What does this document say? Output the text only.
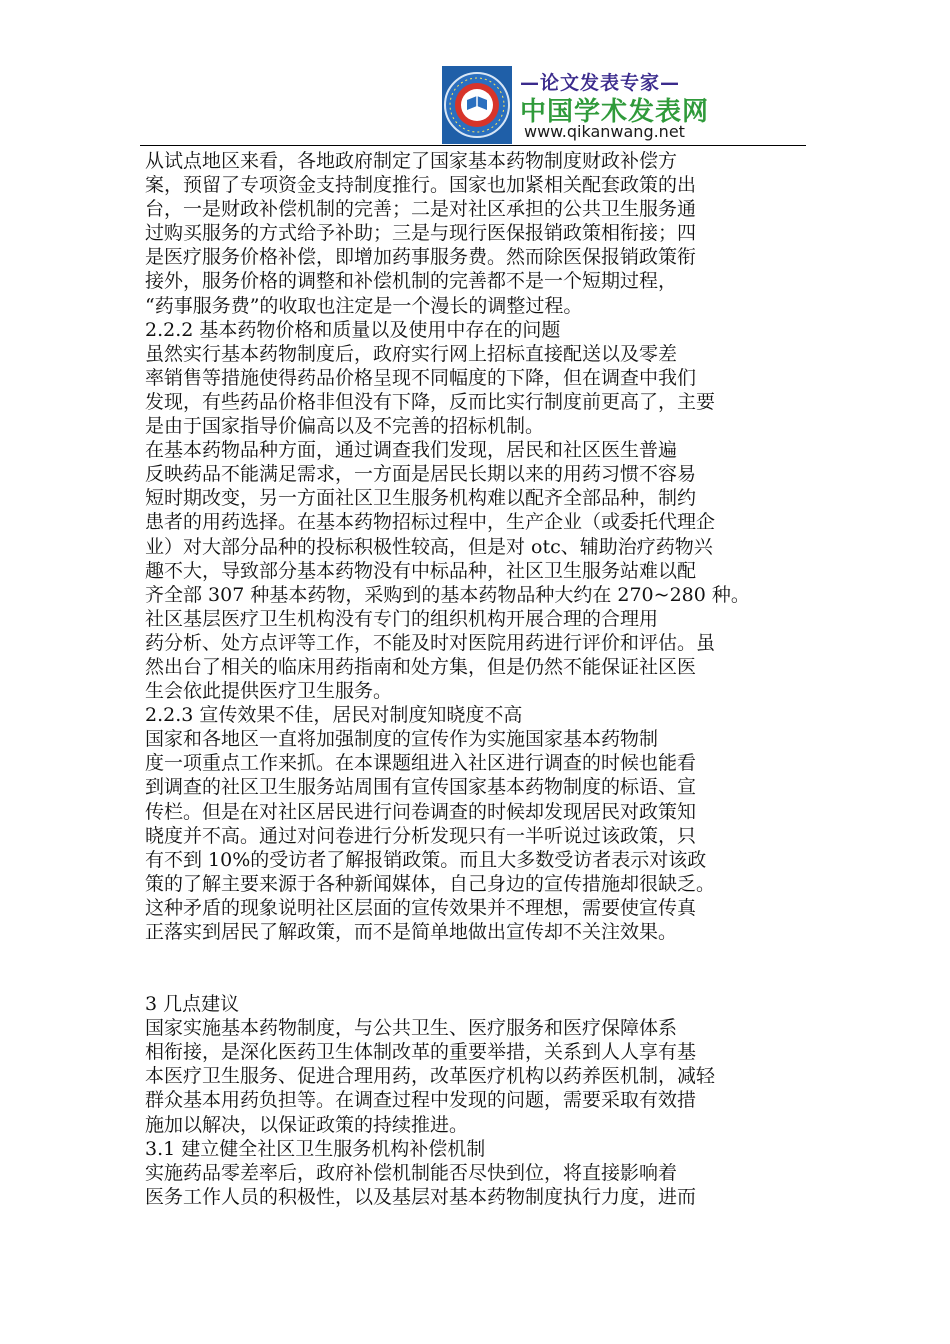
—论文发表专家—
中国学术发表网
www.qikanwang.net
从试点地区来看，各地政府制定了国家基本药物制度财政补偿方
案，预留了专项资金支持制度推行。国家也加紧相关配套政策的出
台，一是财政补偿机制的完善；二是对社区承担的公共卫生服务通
过购买服务的方式给予补助；三是与现行医保报销政策相衔接；四
是医疗服务价格补偿，即增加药事服务费。然而除医保报销政策衔
接外，服务价格的调整和补偿机制的完善都不是一个短期过程，
“药事服务费”的收取也注定是一个漫长的调整过程。
2.2.2 基本药物价格和质量以及使用中存在的问题
虽然实行基本药物制度后，政府实行网上招标直接配送以及零差
率销售等措施使得药品价格呈现不同幅度的下降，但在调查中我们
发现，有些药品价格非但没有下降，反而比实行制度前更高了，主要
是由于国家指导价偏高以及不完善的招标机制。
在基本药物品种方面，通过调查我们发现，居民和社区医生普遍
反映药品不能满足需求，一方面是居民长期以来的用药习惯不容易
短时期改变，另一方面社区卫生服务机构难以配齐全部品种，制约
患者的用药选择。在基本药物招标过程中，生产企业（或委托代理企
业）对大部分品种的投标积极性较高，但是对 otc、辅助治疗药物兴
趣不大，导致部分基本药物没有中标品种，社区卫生服务站难以配
齐全部 307 种基本药物，采购到的基本药物品种大约在 270~280 种。
社区基层医疗卫生机构没有专门的组织机构开展合理的合理用
药分析、处方点评等工作，不能及时对医院用药进行评价和评估。虽
然出台了相关的临床用药指南和处方集，但是仍然不能保证社区医
生会依此提供医疗卫生服务。
2.2.3 宣传效果不佳，居民对制度知晓度不高
国家和各地区一直将加强制度的宣传作为实施国家基本药物制
度一项重点工作来抓。在本课题组进入社区进行调查的时候也能看
到调查的社区卫生服务站周围有宣传国家基本药物制度的标语、宣
传栏。但是在对社区居民进行问卷调查的时候却发现居民对政策知
晓度并不高。通过对问卷进行分析发现只有一半听说过该政策，只
有不到 10%的受访者了解报销政策。而且大多数受访者表示对该政
策的了解主要来源于各种新闻媒体，自己身边的宣传措施却很缺乏。
这种矛盾的现象说明社区层面的宣传效果并不理想，需要使宣传真
正落实到居民了解政策，而不是简单地做出宣传却不关注效果。
3 几点建议
国家实施基本药物制度，与公共卫生、医疗服务和医疗保障体系
相衔接，是深化医药卫生体制改革的重要举措，关系到人人享有基
本医疗卫生服务、促进合理用药，改革医疗机构以药养医机制，减轻
群众基本用药负担等。在调查过程中发现的问题，需要采取有效措
施加以解决，以保证政策的持续推进。
3.1 建立健全社区卫生服务机构补偿机制
实施药品零差率后，政府补偿机制能否尽快到位，将直接影响着
医务工作人员的积极性，以及基层对基本药物制度执行力度，进而
